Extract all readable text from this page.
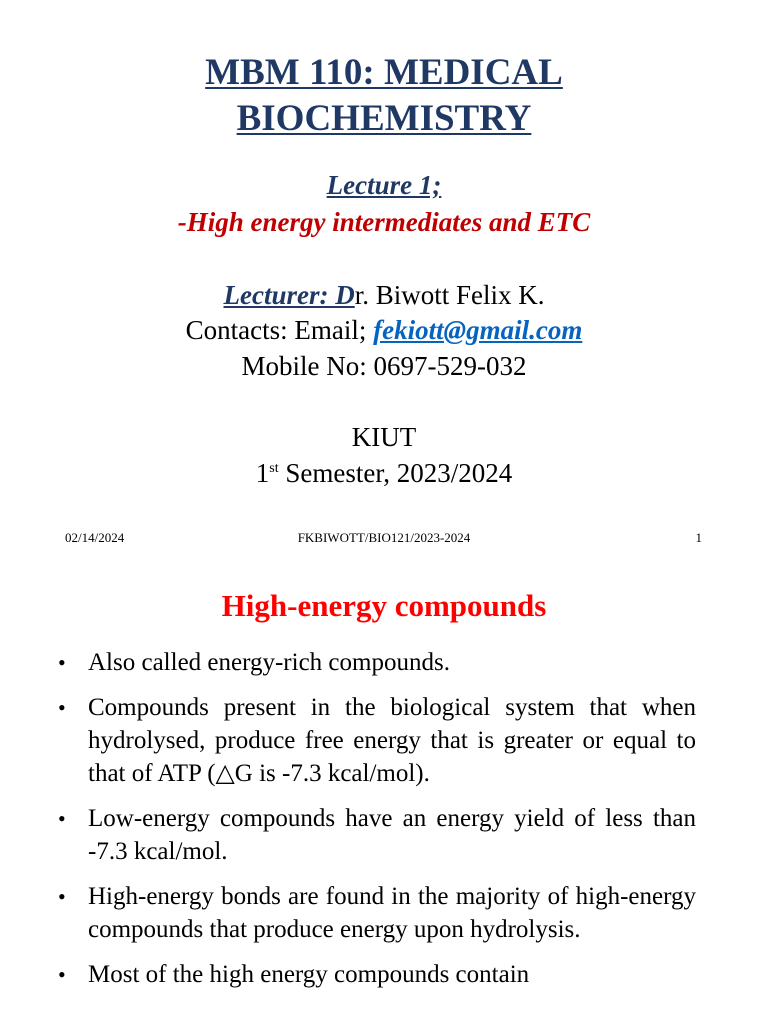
MBM 110: MEDICAL
BIOCHEMISTRY
Lecture 1;
-High energy intermediates and ETC
Lecturer: Dr. Biwott Felix K.
Contacts: Email; fekiott@gmail.com
Mobile No: 0697-529-032
KIUT
1st Semester, 2023/2024
02/14/2024	FKBIWOTT/BIO121/2023-2024	1
High-energy compounds
• Also called energy-rich compounds.
• Compounds present in the biological system that when hydrolysed, produce free energy that is greater or equal to that of ATP (△G is -7.3 kcal/mol).
• Low-energy compounds have an energy yield of less than -7.3 kcal/mol.
• High-energy bonds are found in the majority of high-energy compounds that produce energy upon hydrolysis.
• Most of the high energy compounds contain
